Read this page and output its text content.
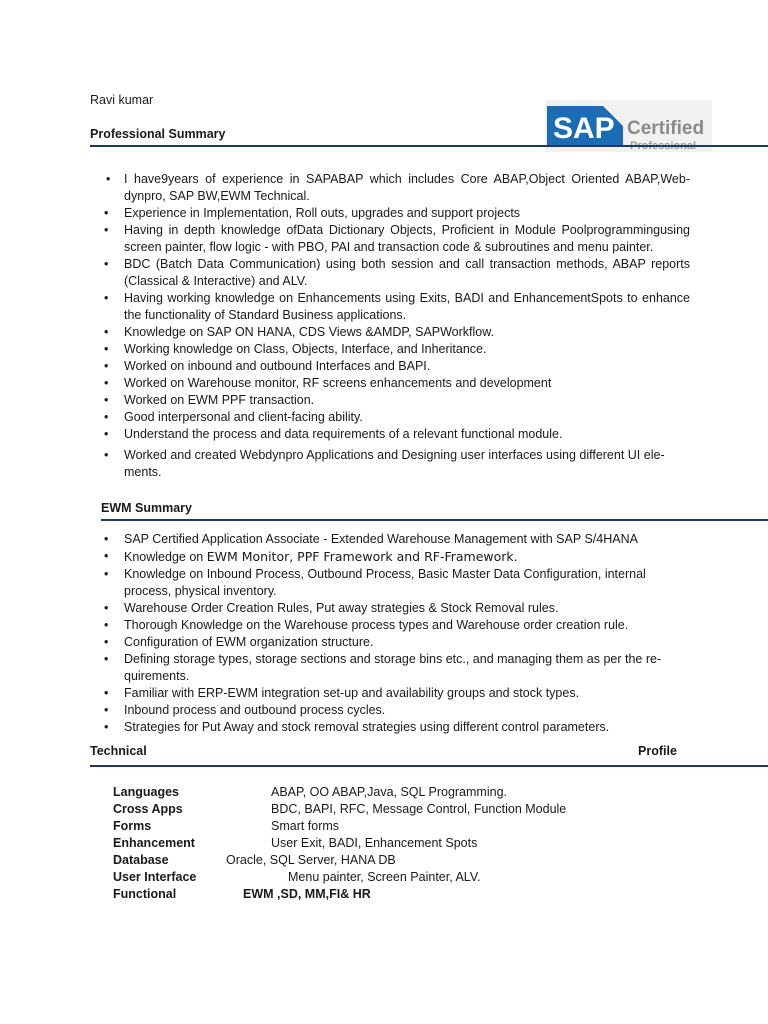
Ravi kumar
Professional Summary	SAP Certified
• I have9years of experience in SAPABAP which includes Core ABAP,Object Oriented ABAP,Web-dynpro, SAP BW,EWM Technical.
• Experience in Implementation, Roll outs, upgrades and support projects
• Having in depth knowledge ofData Dictionary Objects, Proficient in Module Poolprogrammingusing screen painter, flow logic - with PBO, PAI and transaction code & subroutines and menu painter.
• BDC (Batch Data Communication) using both session and call transaction methods, ABAP reports (Classical & Interactive) and ALV.
• Having working knowledge on Enhancements using Exits, BADI and EnhancementSpots to enhance the functionality of Standard Business applications.
• Knowledge on SAP ON HANA, CDS Views &AMDP, SAPWorkflow.
• Working knowledge on Class, Objects, Interface, and Inheritance.
• Worked on inbound and outbound Interfaces and BAPI.
• Worked on Warehouse monitor, RF screens enhancements and development
• Worked on EWM PPF transaction.
• Good interpersonal and client-facing ability.
• Understand the process and data requirements of a relevant functional module.
• Worked and created Webdynpro Applications and Designing user interfaces using different UI ele-ments.
EWM Summary
• SAP Certified Application Associate - Extended Warehouse Management with SAP S/4HANA
• Knowledge on EWM Monitor, PPF Framework and RF-Framework.
• Knowledge on Inbound Process, Outbound Process, Basic Master Data Configuration, internal process, physical inventory.
• Warehouse Order Creation Rules, Put away strategies & Stock Removal rules.
• Thorough Knowledge on the Warehouse process types and Warehouse order creation rule.
• Configuration of EWM organization structure.
• Defining storage types, storage sections and storage bins etc., and managing them as per the re-quirements.
• Familiar with ERP-EWM integration set-up and availability groups and stock types.
• Inbound process and outbound process cycles.
• Strategies for Put Away and stock removal strategies using different control parameters.
Technical	Profile
Languages	ABAP, OO ABAP,Java, SQL Programming.
Cross Apps	BDC, BAPI, RFC, Message Control, Function Module
Forms	Smart forms
Enhancement	User Exit, BADI, Enhancement Spots
Database	Oracle, SQL Server, HANA DB
User Interface	Menu painter, Screen Painter, ALV.
Functional	EWM ,SD, MM,FI& HR
